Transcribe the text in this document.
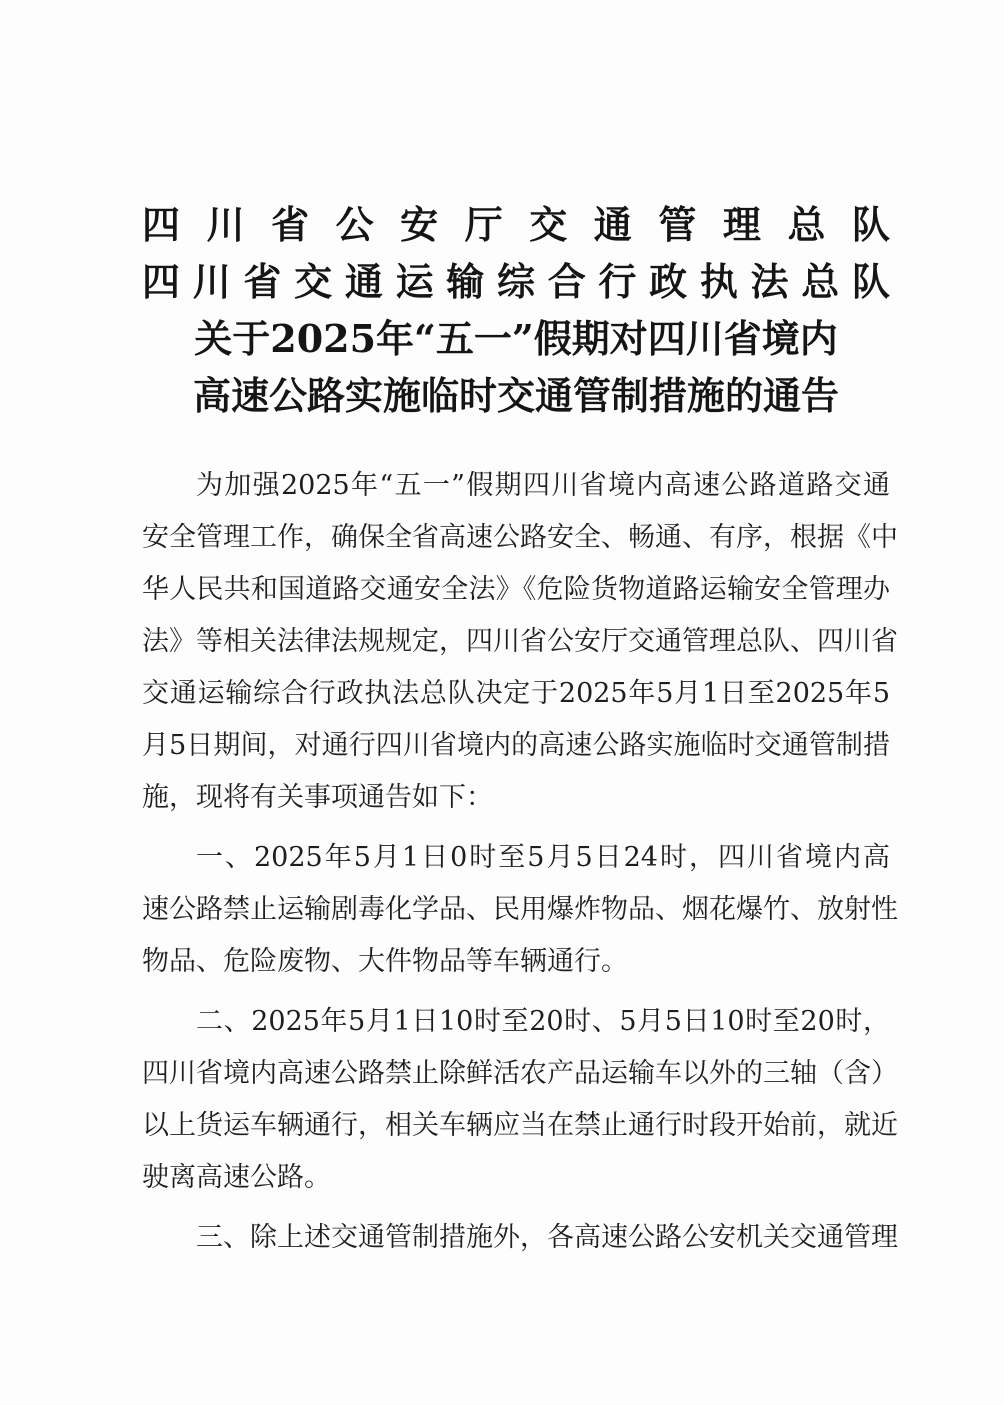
四川省公安厅交通管理总队
四川省交通运输综合行政执法总队
关于2025年“五一”假期对四川省境内
高速公路实施临时交通管制措施的通告
为加强2025年“五一”假期四川省境内高速公路道路交通
安全管理工作，确保全省高速公路安全、畅通、有序，根据《中
华人民共和国道路交通安全法》《危险货物道路运输安全管理办
法》等相关法律法规规定，四川省公安厅交通管理总队、四川省
交通运输综合行政执法总队决定于2025年5月1日至2025年5
月5日期间，对通行四川省境内的高速公路实施临时交通管制措
施，现将有关事项通告如下：
一、2025年5月1日0时至5月5日24时，四川省境内高
速公路禁止运输剧毒化学品、民用爆炸物品、烟花爆竹、放射性
物品、危险废物、大件物品等车辆通行。
二、2025年5月1日10时至20时、5月5日10时至20时，
四川省境内高速公路禁止除鲜活农产品运输车以外的三轴（含）
以上货运车辆通行，相关车辆应当在禁止通行时段开始前，就近
驶离高速公路。
三、除上述交通管制措施外，各高速公路公安机关交通管理
